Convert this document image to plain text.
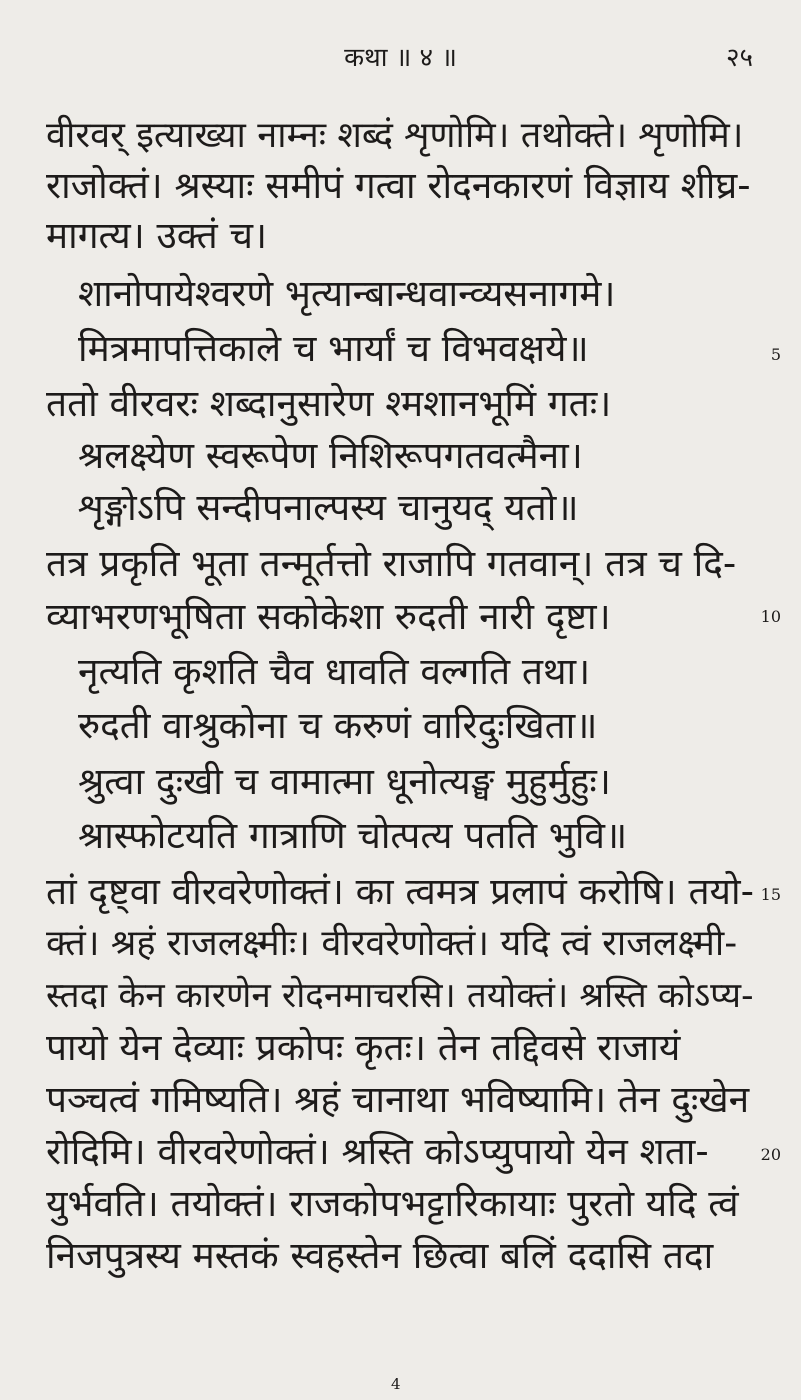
कथा ॥ ४ ॥	२५
वीरवर् इत्याख्या नाम्नः शब्दं शृणोमि। तथोक्ते। शृणोमि।
राजोक्तं। श्रस्याः समीपं गत्वा रोदनकारणं विज्ञाय शीघ्र-
मागत्य। उक्तं च।
शानोपायेश्वरणे भृत्यान्बान्धवान्व्यसनागमे।
मित्रमापत्तिकाले च भार्यां च विभवक्षये॥
ततो वीरवरः शब्दानुसारेण श्मशानभूमिं गतः।
श्रलक्ष्येण स्वरूपेण निशिरूपगतवत्मैना।
शृङ्गोऽपि सन्दीपनाल्पस्य चानुयद् यतो॥
तत्र प्रकृति भूता तन्मूर्तत्तो राजापि गतवान्। तत्र च दि-
व्याभरणभूषिता सकोकेशा रुदती नारी दृष्टा।
नृत्यति कृशति चैव धावति वल्गति तथा।
रुदती वाश्रुकोना च करुणं वारिदुःखिता॥
श्रुत्वा दुःखी च वामात्मा धूनोत्यङ्घ मुहुर्मुहुः।
श्रास्फोटयति गात्राणि चोत्पत्य पतति भुवि॥
तां दृष्ट्वा वीरवरेणोक्तं। का त्वमत्र प्रलापं करोषि। तयो-
क्तं। श्रहं राजलक्ष्मीः। वीरवरेणोक्तं। यदि त्वं राजलक्ष्मी-
स्तदा केन कारणेन रोदनमाचरसि। तयोक्तं। श्रस्ति कोऽप्य-
पायो येन देव्याः प्रकोपः कृतः। तेन तद्दिवसे राजायं
पञ्चत्वं गमिष्यति। श्रहं चानाथा भविष्यामि। तेन दुःखेन
रोदिमि। वीरवरेणोक्तं। श्रस्ति कोऽप्युपायो येन शता-
युर्भवति। तयोक्तं। राजकोपभट्टारिकायाः पुरतो यदि त्वं
निजपुत्रस्य मस्तकं स्वहस्तेन छित्वा बलिं ददासि तदा
5
10
15
20
4
